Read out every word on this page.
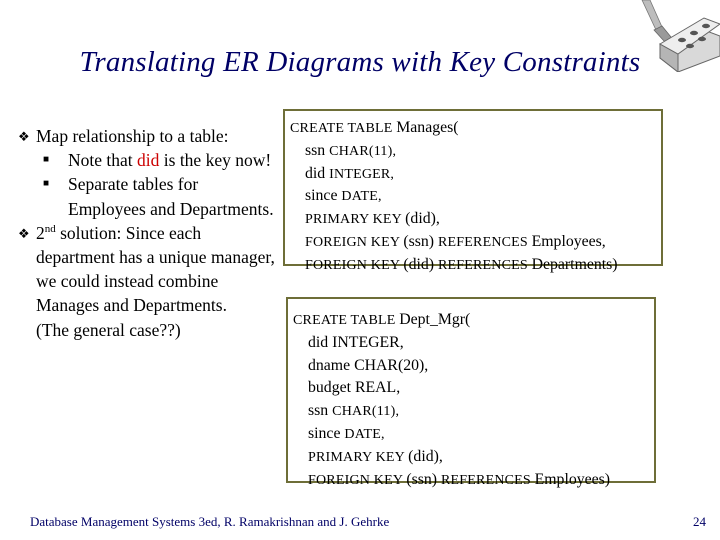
Translating ER Diagrams with Key Constraints
❖ Map relationship to a table:
■ Note that did is the key now!
■ Separate tables for Employees and Departments.
❖ 2nd solution: Since each department has a unique manager, we could instead combine Manages and Departments.
(The general case??)
CREATE TABLE Manages(
ssn CHAR(11),
did INTEGER,
since DATE,
PRIMARY KEY (did),
FOREIGN KEY (ssn) REFERENCES Employees,
FOREIGN KEY (did) REFERENCES Departments)
CREATE TABLE Dept_Mgr(
did INTEGER,
dname CHAR(20),
budget REAL,
ssn CHAR(11),
since DATE,
PRIMARY KEY (did),
FOREIGN KEY (ssn) REFERENCES Employees)
Database Management Systems 3ed, R. Ramakrishnan and J. Gehrke	24
